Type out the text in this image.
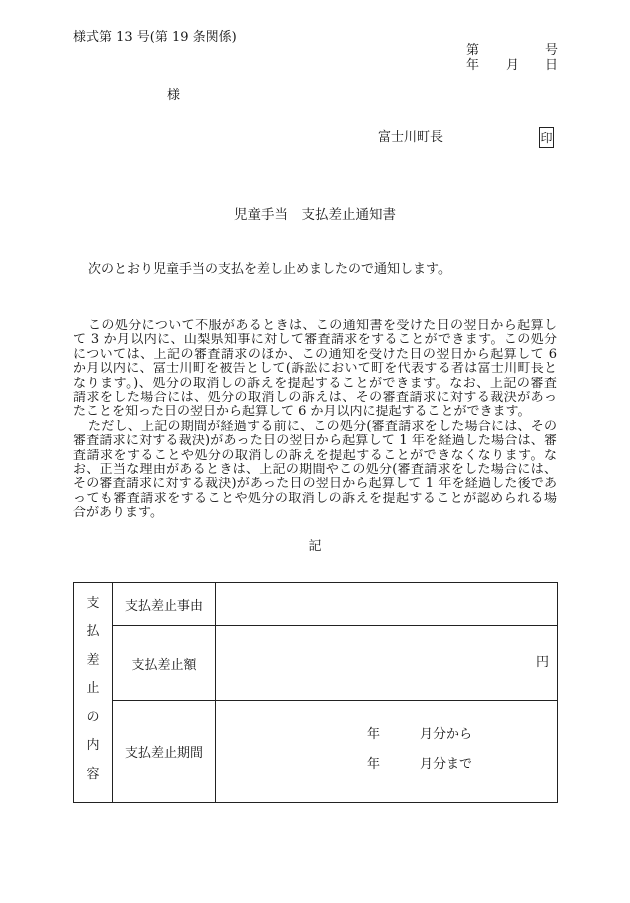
様式第 13 号(第 19 条関係)
第	号
年 月 日
様
富士川町長	印
児童手当　支払差止通知書
次のとおり児童手当の支払を差し止めましたので通知します。
この処分について不服があるときは、この通知書を受けた日の翌日から起算し
て 3 か月以内に、山梨県知事に対して審査請求をすることができます。この処分
については、上記の審査請求のほか、この通知を受けた日の翌日から起算して 6
か月以内に、富士川町を被告として(訴訟において町を代表する者は富士川町長と
なります。)、処分の取消しの訴えを提起することができます。なお、上記の審査
請求をした場合には、処分の取消しの訴えは、その審査請求に対する裁決があっ
たことを知った日の翌日から起算して 6 か月以内に提起することができます。
ただし、上記の期間が経過する前に、この処分(審査請求をした場合には、その
審査請求に対する裁決)があった日の翌日から起算して 1 年を経過した場合は、審
査請求をすることや処分の取消しの訴えを提起することができなくなります。な
お、正当な理由があるときは、上記の期間やこの処分(審査請求をした場合には、
その審査請求に対する裁決)があった日の翌日から起算して 1 年を経過した後であ
っても審査請求をすることや処分の取消しの訴えを提起することが認められる場
合があります。
記
支
払
差
止
の
内
容
支払差止事由
支払差止額	円
支払差止期間
年	月分から
年	月分まで
